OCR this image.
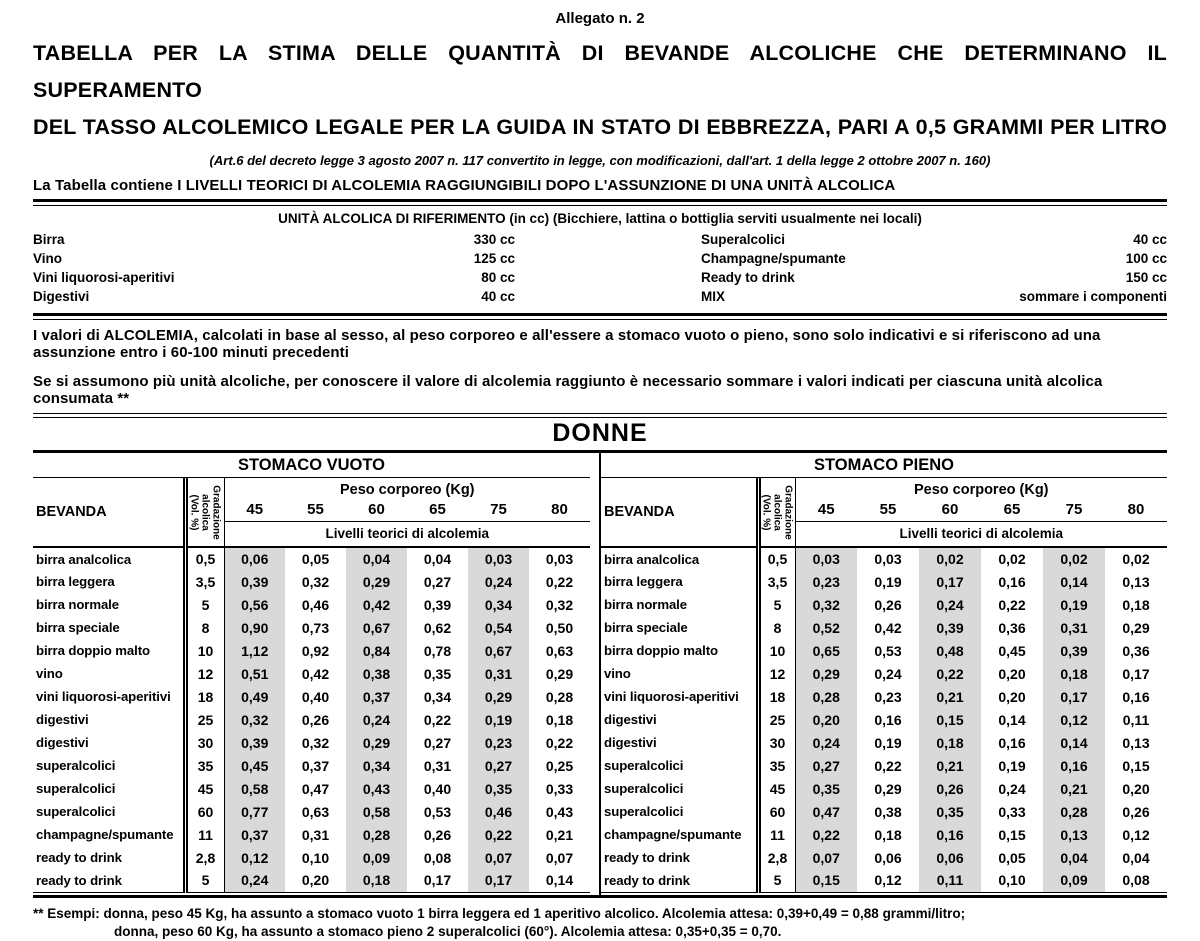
Allegato n. 2
TABELLA PER LA STIMA DELLE QUANTITÀ DI BEVANDE ALCOLICHE CHE DETERMINANO IL SUPERAMENTO
DEL TASSO ALCOLEMICO LEGALE PER LA GUIDA IN STATO DI EBBREZZA, PARI A 0,5 GRAMMI PER LITRO
(Art.6 del decreto legge 3 agosto 2007 n. 117 convertito in legge, con modificazioni, dall'art. 1 della legge 2 ottobre 2007 n. 160)
La Tabella contiene I LIVELLI TEORICI DI ALCOLEMIA RAGGIUNGIBILI DOPO L'ASSUNZIONE DI UNA UNITÀ ALCOLICA
UNITÀ ALCOLICA DI RIFERIMENTO (in cc) (Bicchiere, lattina o bottiglia serviti usualmente nei locali)
Birra	330 cc	Superalcolici	40 cc
Vino	125 cc	Champagne/spumante	100 cc
Vini liquorosi-aperitivi	80 cc	Ready to drink	150 cc
Digestivi	40 cc	MIX	sommare i componenti
I valori di ALCOLEMIA, calcolati in base al sesso, al peso corporeo e all'essere a stomaco vuoto o pieno, sono solo indicativi e si riferiscono ad una assunzione entro i 60-100 minuti precedenti
Se si assumono più unità alcoliche, per conoscere il valore di alcolemia raggiunto è necessario sommare i valori indicati per ciascuna unità alcolica consumata **
DONNE
STOMACO VUOTO
BEVANDA	Gradazione
alcolica
(Vol. %)	Peso corporeo (Kg)					
		45	55	60	65	75	80
		Livelli teorici di alcolemia					
birra analcolica	0,5	0,06	0,05	0,04	0,04	0,03	0,03
birra leggera	3,5	0,39	0,32	0,29	0,27	0,24	0,22
birra normale	5	0,56	0,46	0,42	0,39	0,34	0,32
birra speciale	8	0,90	0,73	0,67	0,62	0,54	0,50
birra doppio malto	10	1,12	0,92	0,84	0,78	0,67	0,63
vino	12	0,51	0,42	0,38	0,35	0,31	0,29
vini liquorosi-aperitivi	18	0,49	0,40	0,37	0,34	0,29	0,28
digestivi	25	0,32	0,26	0,24	0,22	0,19	0,18
digestivi	30	0,39	0,32	0,29	0,27	0,23	0,22
superalcolici	35	0,45	0,37	0,34	0,31	0,27	0,25
superalcolici	45	0,58	0,47	0,43	0,40	0,35	0,33
superalcolici	60	0,77	0,63	0,58	0,53	0,46	0,43
champagne/spumante	11	0,37	0,31	0,28	0,26	0,22	0,21
ready to drink	2,8	0,12	0,10	0,09	0,08	0,07	0,07
ready to drink	5	0,24	0,20	0,18	0,17	0,17	0,14
STOMACO PIENO
BEVANDA	Gradazione
alcolica
(Vol. %)	Peso corporeo (Kg)					
		45	55	60	65	75	80
		Livelli teorici di alcolemia					
birra analcolica	0,5	0,03	0,03	0,02	0,02	0,02	0,02
birra leggera	3,5	0,23	0,19	0,17	0,16	0,14	0,13
birra normale	5	0,32	0,26	0,24	0,22	0,19	0,18
birra speciale	8	0,52	0,42	0,39	0,36	0,31	0,29
birra doppio malto	10	0,65	0,53	0,48	0,45	0,39	0,36
vino	12	0,29	0,24	0,22	0,20	0,18	0,17
vini liquorosi-aperitivi	18	0,28	0,23	0,21	0,20	0,17	0,16
digestivi	25	0,20	0,16	0,15	0,14	0,12	0,11
digestivi	30	0,24	0,19	0,18	0,16	0,14	0,13
superalcolici	35	0,27	0,22	0,21	0,19	0,16	0,15
superalcolici	45	0,35	0,29	0,26	0,24	0,21	0,20
superalcolici	60	0,47	0,38	0,35	0,33	0,28	0,26
champagne/spumante	11	0,22	0,18	0,16	0,15	0,13	0,12
ready to drink	2,8	0,07	0,06	0,06	0,05	0,04	0,04
ready to drink	5	0,15	0,12	0,11	0,10	0,09	0,08
** Esempi: donna, peso 45 Kg, ha assunto a stomaco vuoto 1 birra leggera ed 1 aperitivo alcolico. Alcolemia attesa: 0,39+0,49 = 0,88 grammi/litro;
donna, peso 60 Kg, ha assunto a stomaco pieno 2 superalcolici (60°). Alcolemia attesa: 0,35+0,35 = 0,70.
